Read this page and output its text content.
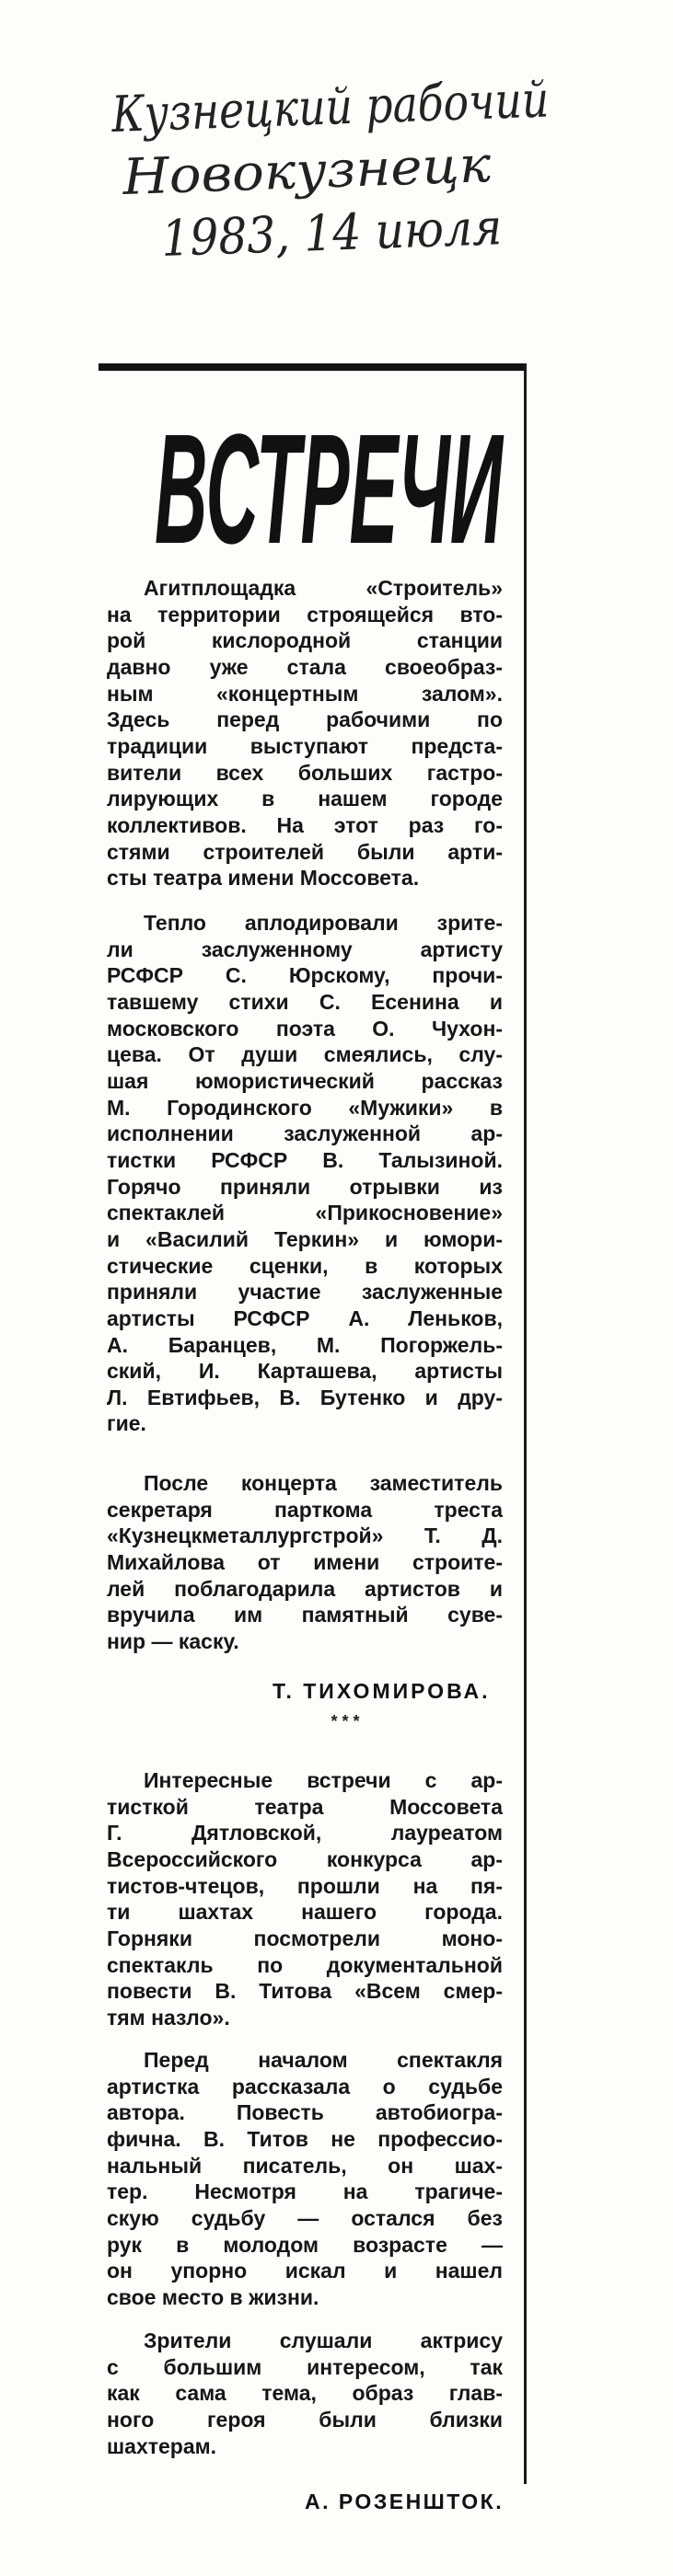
Кузнецкий рабочий
Новокузнецк
1983, 14 июля
ВСТРЕЧИ
Агитплощадка «Строитель»
на территории строящейся вто-
рой кислородной станции
давно уже стала своеобраз-
ным «концертным залом».
Здесь перед рабочими по
традиции выступают предста-
вители всех больших гастро-
лирующих в нашем городе
коллективов. На этот раз го-
стями строителей были арти-
сты театра имени Моссовета.
Тепло аплодировали зрите-
ли заслуженному артисту
РСФСР С. Юрскому, прочи-
тавшему стихи С. Есенина и
московского поэта О. Чухон-
цева. От души смеялись, слу-
шая юмористический рассказ
М. Городинского «Мужики» в
исполнении заслуженной ар-
тистки РСФСР В. Талызиной.
Горячо приняли отрывки из
спектаклей «Прикосновение»
и «Василий Теркин» и юмори-
стические сценки, в которых
приняли участие заслуженные
артисты РСФСР А. Леньков,
А. Баранцев, М. Погоржель-
ский, И. Карташева, артисты
Л. Евтифьев, В. Бутенко и дру-
гие.
После концерта заместитель
секретаря парткома треста
«Кузнецкметаллургстрой» Т. Д.
Михайлова от имени строите-
лей поблагодарила артистов и
вручила им памятный суве-
нир — каску.
Т. ТИХОМИРОВА.
* * *
Интересные встречи с ар-
тисткой театра Моссовета
Г. Дятловской, лауреатом
Всероссийского конкурса ар-
тистов-чтецов, прошли на пя-
ти шахтах нашего города.
Горняки посмотрели моно-
спектакль по документальной
повести В. Титова «Всем смер-
тям назло».
Перед началом спектакля
артистка рассказала о судьбе
автора. Повесть автобиогра-
фична. В. Титов не профессио-
нальный писатель, он шах-
тер. Несмотря на трагиче-
скую судьбу — остался без
рук в молодом возрасте —
он упорно искал и нашел
свое место в жизни.
Зрители слушали актрису
с большим интересом, так
как сама тема, образ глав-
ного героя были близки
шахтерам.
А. РОЗЕНШТОК.
